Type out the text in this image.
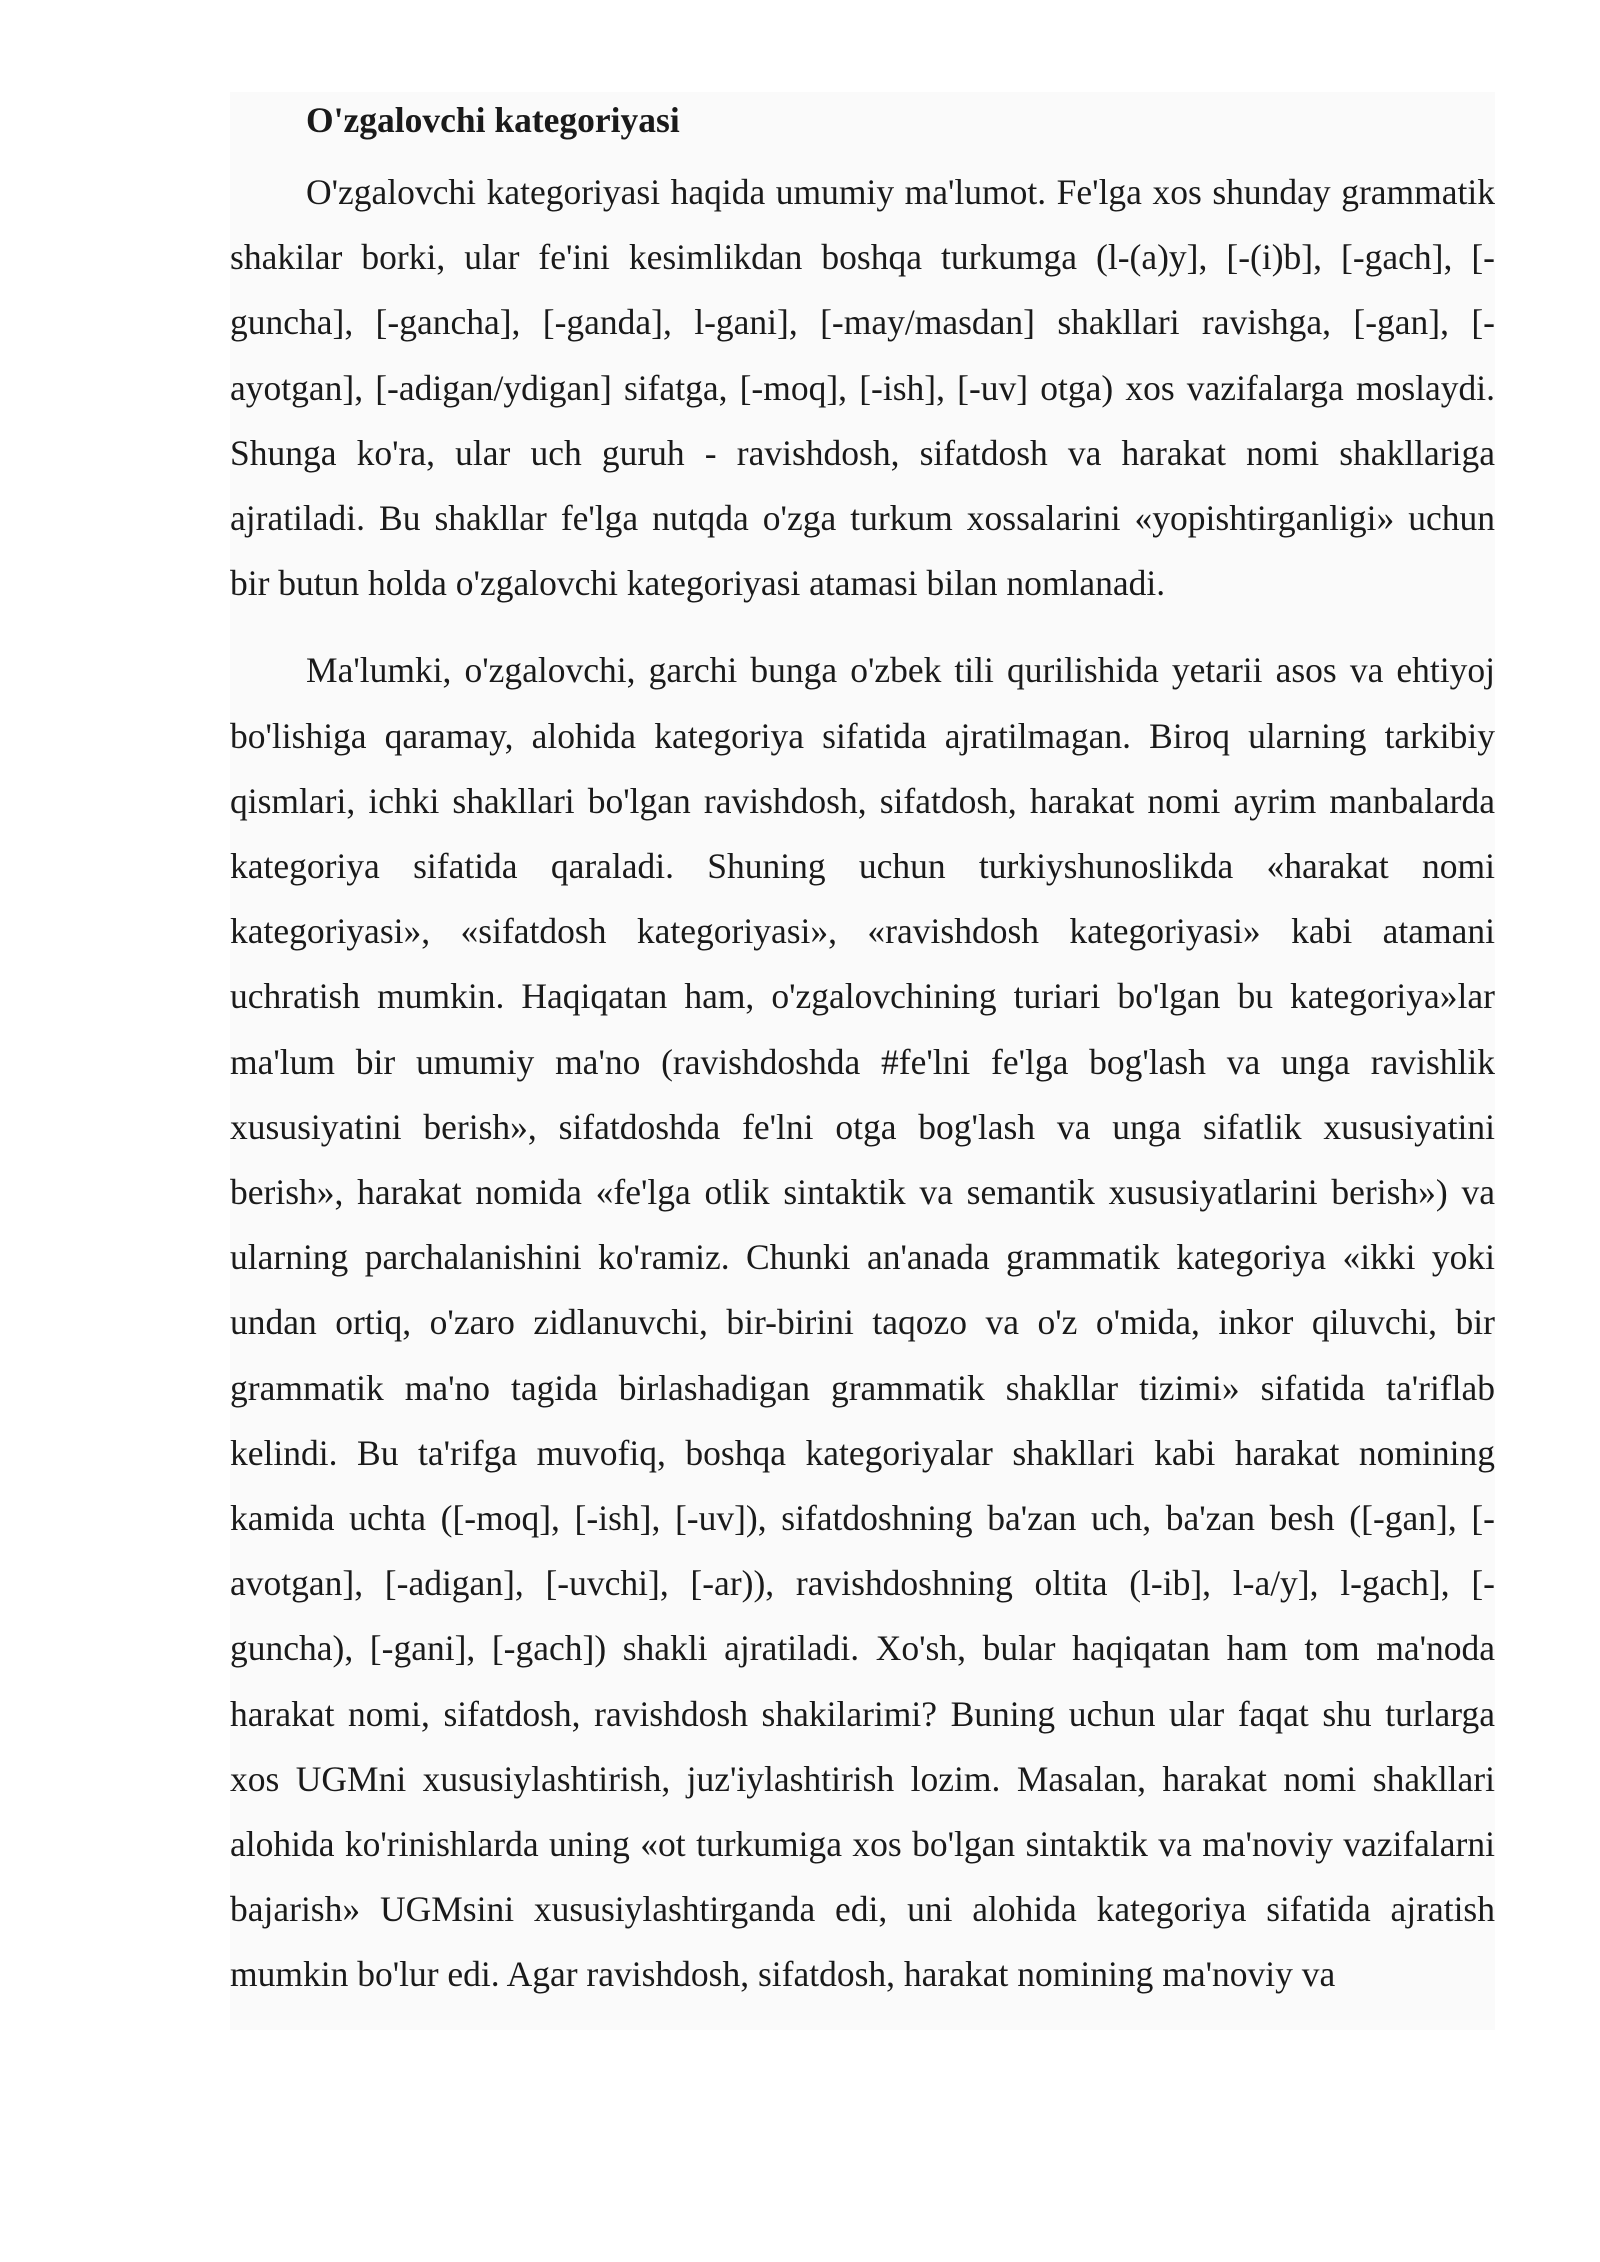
O'zgalovchi kategoriyasi

O'zgalovchi kategoriyasi haqida umumiy ma'lumot. Fe'lga xos shunday grammatik shakilar borki, ular fe'ini kesimlikdan boshqa turkumga (l-(a)y], [-(i)b], [-gach], [-guncha], [-gancha], [-ganda], l-gani], [-may/masdan] shakllari ravishga, [-gan], [-ayotgan], [-adigan/ydigan] sifatga, [-moq], [-ish], [-uv] otga) xos vazifalarga moslaydi. Shunga ko'ra, ular uch guruh - ravishdosh, sifatdosh va harakat nomi shakllariga ajratiladi. Bu shakllar fe'lga nutqda o'zga turkum xossalarini «yopishtirganligi» uchun bir butun holda o'zgalovchi kategoriyasi atamasi bilan nomlanadi.

Ma'lumki, o'zgalovchi, garchi bunga o'zbek tili qurilishida yetarii asos va ehtiyoj bo'lishiga qaramay, alohida kategoriya sifatida ajratilmagan. Biroq ularning tarkibiy qismlari, ichki shakllari bo'lgan ravishdosh, sifatdosh, harakat nomi ayrim manbalarda kategoriya sifatida qaraladi. Shuning uchun turkiyshunoslikda «harakat nomi kategoriyasi», «sifatdosh kategoriyasi», «ravishdosh kategoriyasi» kabi atamani uchratish mumkin. Haqiqatan ham, o'zgalovchining turiari bo'lgan bu kategoriya»lar ma'lum bir umumiy ma'no (ravishdoshda #fe'lni fe'lga bog'lash va unga ravishlik xususiyatini berish», sifatdoshda fe'lni otga bog'lash va unga sifatlik xususiyatini berish», harakat nomida «fe'lga otlik sintaktik va semantik xususiyatlarini berish») va ularning parchalanishini ko'ramiz. Chunki an'anada grammatik kategoriya «ikki yoki undan ortiq, o'zaro zidlanuvchi, bir-birini taqozo va o'z o'mida, inkor qiluvchi, bir grammatik ma'no tagida birlashadigan grammatik shakllar tizimi» sifatida ta'riflab kelindi. Bu ta'rifga muvofiq, boshqa kategoriyalar shakllari kabi harakat nomining kamida uchta ([-moq], [-ish], [-uv]), sifatdoshning ba'zan uch, ba'zan besh ([-gan], [-avotgan], [-adigan], [-uvchi], [-ar)), ravishdoshning oltita (l-ib], l-a/y], l-gach], [-guncha), [-gani], [-gach]) shakli ajratiladi. Xo'sh, bular haqiqatan ham tom ma'noda harakat nomi, sifatdosh, ravishdosh shakilarimi? Buning uchun ular faqat shu turlarga xos UGMni xususiylashtirish, juz'iylashtirish lozim. Masalan, harakat nomi shakllari alohida ko'rinishlarda uning «ot turkumiga xos bo'lgan sintaktik va ma'noviy vazifalarni bajarish» UGMsini xususiylashtirganda edi, uni alohida kategoriya sifatida ajratish mumkin bo'lur edi. Agar ravishdosh, sifatdosh, harakat nomining ma'noviy va
